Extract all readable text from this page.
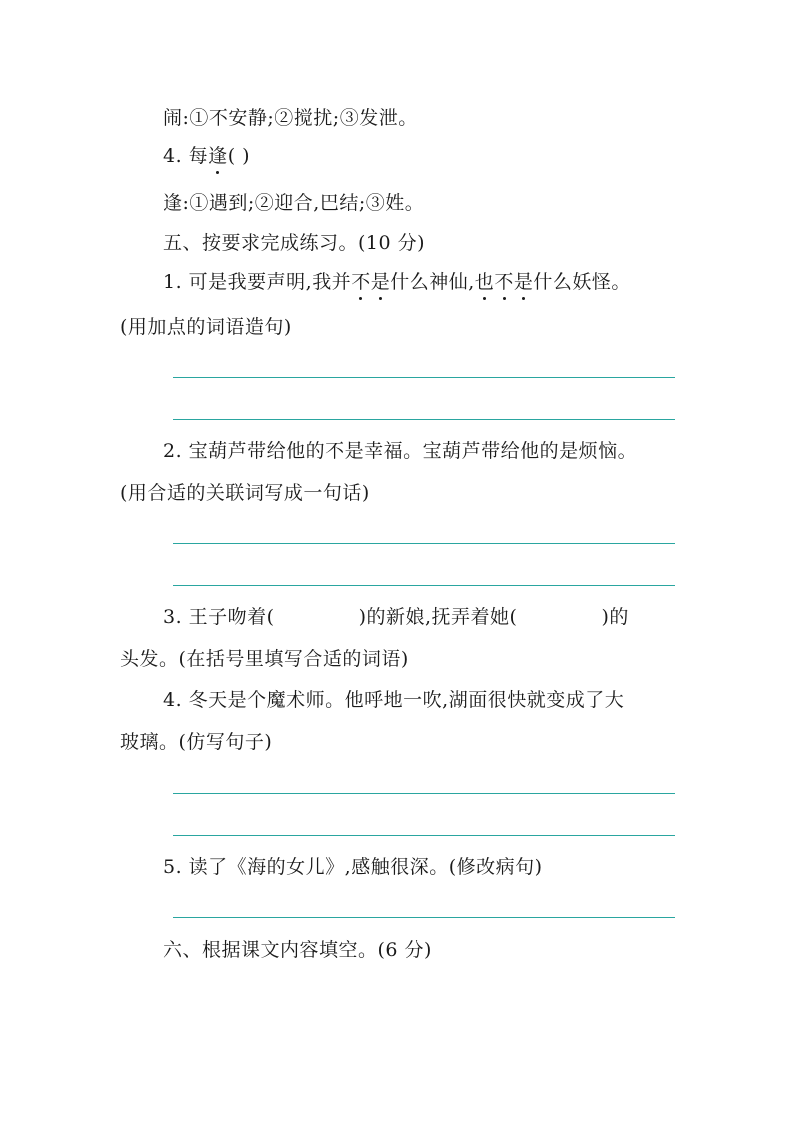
闹:①不安静;②搅扰;③发泄。
4. 每逢( )
逢:①遇到;②迎合,巴结;③姓。
五、按要求完成练习。(10 分)
1. 可是我要声明,我并不是什么神仙,也不是什么妖怪。
(用加点的词语造句)
2. 宝葫芦带给他的不是幸福。宝葫芦带给他的是烦恼。
(用合适的关联词写成一句话)
3. 王子吻着(	)的新娘,抚弄着她(	)的
头发。(在括号里填写合适的词语)
4. 冬天是个魔术师。他呼地一吹,湖面很快就变成了大
玻璃。(仿写句子)
5. 读了《海的女儿》,感触很深。(修改病句)
六、根据课文内容填空。(6 分)
